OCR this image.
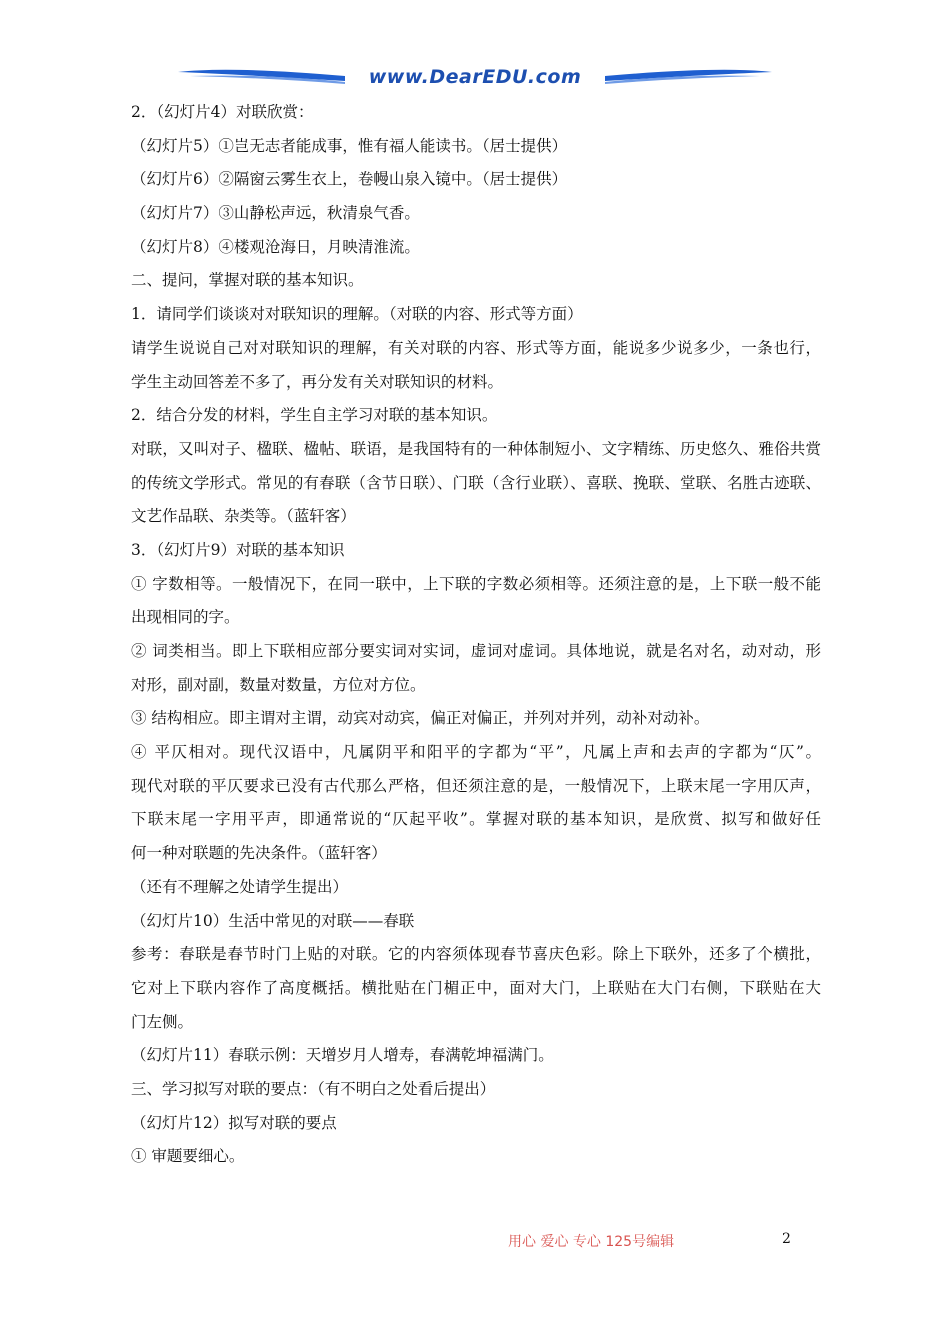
www.DearEDU.com
2．（幻灯片4）对联欣赏：
（幻灯片5）①岂无志者能成事，惟有福人能读书。（居士提供）
（幻灯片6）②隔窗云雾生衣上，卷幔山泉入镜中。（居士提供）
（幻灯片7）③山静松声远，秋清泉气香。
（幻灯片8）④楼观沧海日，月映清淮流。
二、提问，掌握对联的基本知识。
1．请同学们谈谈对对联知识的理解。（对联的内容、形式等方面）
请学生说说自己对对联知识的理解，有关对联的内容、形式等方面，能说多少说多少，一条也行，
学生主动回答差不多了，再分发有关对联知识的材料。
2．结合分发的材料，学生自主学习对联的基本知识。
对联，又叫对子、楹联、楹帖、联语，是我国特有的一种体制短小、文字精练、历史悠久、雅俗共赏
的传统文学形式。常见的有春联（含节日联）、门联（含行业联）、喜联、挽联、堂联、名胜古迹联、
文艺作品联、杂类等。（蓝轩客）
3．（幻灯片9）对联的基本知识
① 字数相等。一般情况下，在同一联中，上下联的字数必须相等。还须注意的是，上下联一般不能
出现相同的字。
② 词类相当。即上下联相应部分要实词对实词，虚词对虚词。具体地说，就是名对名，动对动，形
对形，副对副，数量对数量，方位对方位。
③ 结构相应。即主谓对主谓，动宾对动宾，偏正对偏正，并列对并列，动补对动补。
④ 平仄相对。现代汉语中，凡属阴平和阳平的字都为“平”，凡属上声和去声的字都为“仄”。
现代对联的平仄要求已没有古代那么严格，但还须注意的是，一般情况下，上联末尾一字用仄声，
下联末尾一字用平声，即通常说的“仄起平收”。掌握对联的基本知识，是欣赏、拟写和做好任
何一种对联题的先决条件。（蓝轩客）
（还有不理解之处请学生提出）
（幻灯片10）生活中常见的对联——春联
参考：春联是春节时门上贴的对联。它的内容须体现春节喜庆色彩。除上下联外，还多了个横批，
它对上下联内容作了高度概括。横批贴在门楣正中，面对大门，上联贴在大门右侧，下联贴在大
门左侧。
（幻灯片11）春联示例：天增岁月人增寿，春满乾坤福满门。
三、学习拟写对联的要点：（有不明白之处看后提出）
（幻灯片12）拟写对联的要点
① 审题要细心。
用心 爱心 专心 125号编辑	2
